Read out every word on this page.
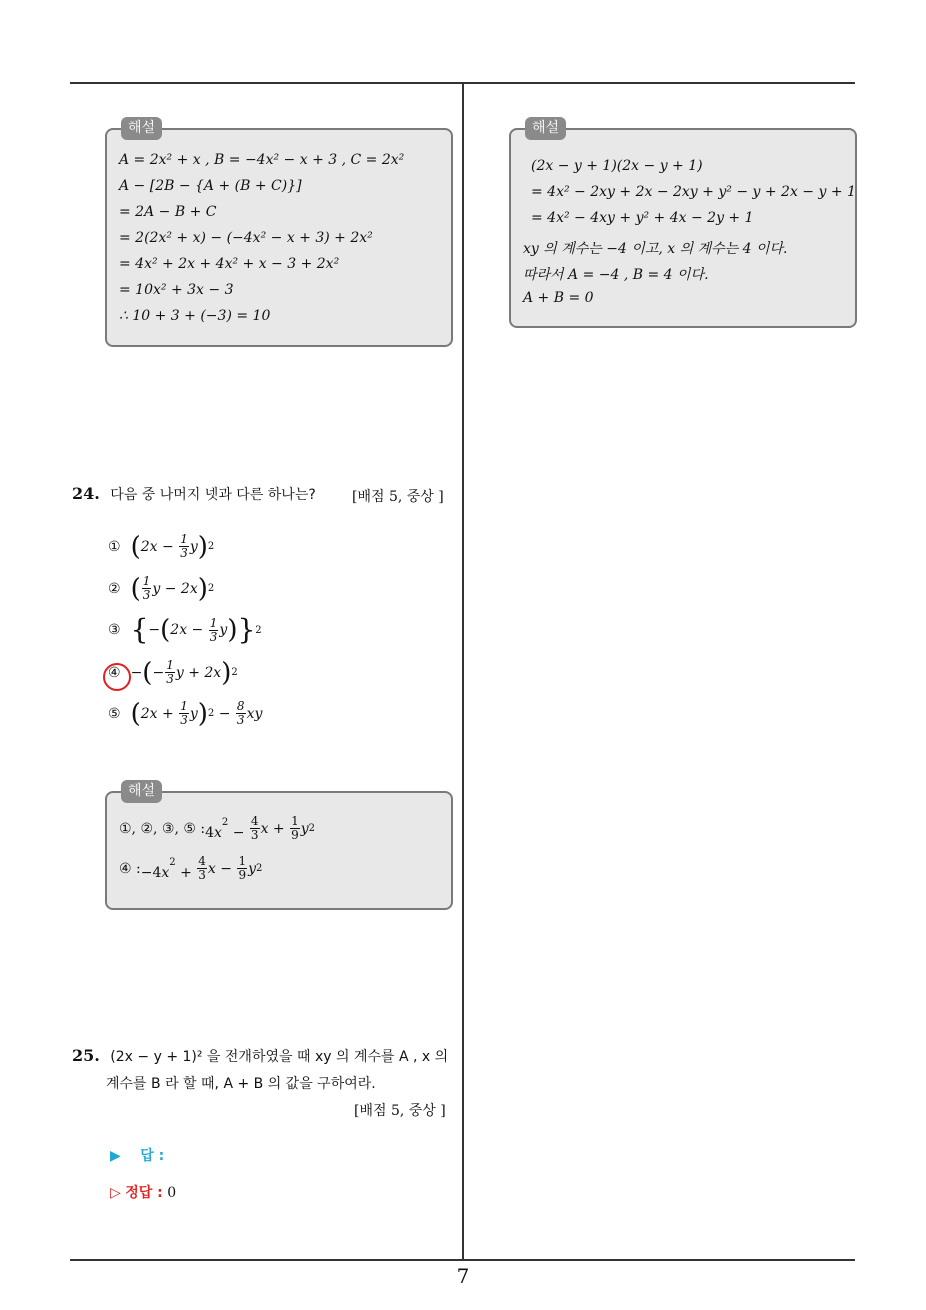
해설
A = 2x² + x , B = −4x² − x + 3 , C = 2x²
A − [2B − {A + (B + C)}]
= 2A − B + C
= 2(2x² + x) − (−4x² − x + 3) + 2x²
= 4x² + 2x + 4x² + x − 3 + 2x²
= 10x² + 3x − 3
∴ 10 + 3 + (−3) = 10
24. 다음 중 나머지 넷과 다른 하나는?	[배점 5, 중상 ]
① ( 2 $x - \frac{1}{3}$ y ) 2
② ( $\frac{1}{3}$ y − 2 x ) 2
③ { − ( 2 $x - \frac{1}{3}$ y ) } 2
④ − ( − $\frac{1}{3}$ y + 2 x ) 2
⑤ ( 2 $x + \frac{1}{3}$ y ) $2 - \frac{8}{3}$ xy
해설
①, ②, ③, ⑤ : $4x^2 - \frac{4}{3}$ $x + \frac{1}{9}$ y 2
④ : $-4x^2 + \frac{4}{3}$ $x - \frac{1}{9}$ y 2
25. (2x − y + 1)² 을 전개하였을 때 xy 의 계수를 A , x 의
계수를 B 라 할 때, A + B 의 값을 구하여라.
[배점 5, 중상 ]
▶ 답 :
▷ 정답 : 0
해설
(2x − y + 1)(2x − y + 1)
= 4x² − 2xy + 2x − 2xy + y² − y + 2x − y + 1
= 4x² − 4xy + y² + 4x − 2y + 1
xy 의 계수는 −4 이고, x 의 계수는 4 이다.
따라서 A = −4 , B = 4 이다.
A + B = 0
7
